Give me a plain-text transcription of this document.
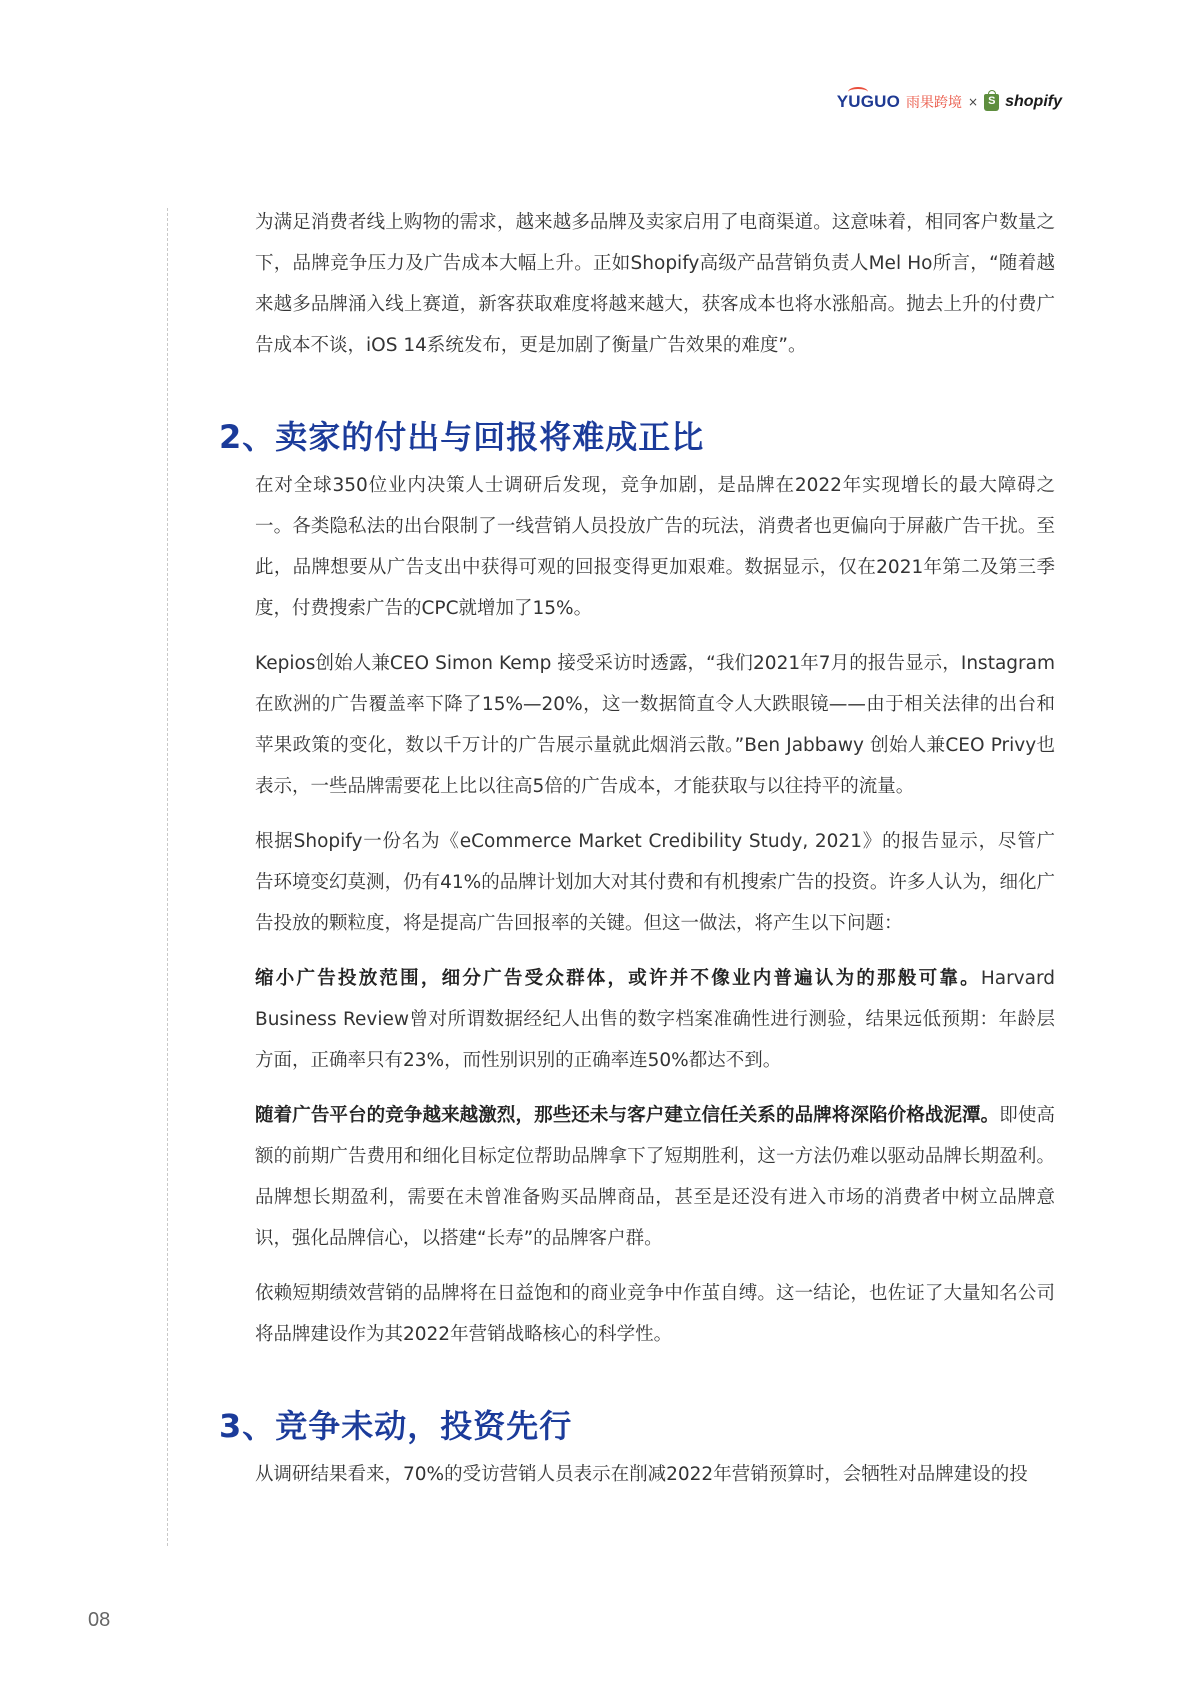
YUGUO 雨果跨境 ×
S shopify

为满足消费者线上购物的需求，越来越多品牌及卖家启用了电商渠道。这意味着，相同客户数量之下，品牌竞争压力及广告成本大幅上升。正如Shopify高级产品营销负责人Mel Ho所言，“随着越来越多品牌涌入线上赛道，新客获取难度将越来越大，获客成本也将水涨船高。抛去上升的付费广告成本不谈，iOS 14系统发布，更是加剧了衡量广告效果的难度”。

2、卖家的付出与回报将难成正比

在对全球350位业内决策人士调研后发现，竞争加剧，是品牌在2022年实现增长的最大障碍之一。各类隐私法的出台限制了一线营销人员投放广告的玩法，消费者也更偏向于屏蔽广告干扰。至此，品牌想要从广告支出中获得可观的回报变得更加艰难。数据显示，仅在2021年第二及第三季度，付费搜索广告的CPC就增加了15%。

Kepios创始人兼CEO Simon Kemp 接受采访时透露，“我们2021年7月的报告显示，Instagram在欧洲的广告覆盖率下降了15%—20%，这一数据简直令人大跌眼镜——由于相关法律的出台和苹果政策的变化，数以千万计的广告展示量就此烟消云散。”Ben Jabbawy 创始人兼CEO Privy也表示，一些品牌需要花上比以往高5倍的广告成本，才能获取与以往持平的流量。

根据Shopify一份名为《eCommerce Market Credibility Study, 2021》的报告显示，尽管广告环境变幻莫测，仍有41%的品牌计划加大对其付费和有机搜索广告的投资。许多人认为，细化广告投放的颗粒度，将是提高广告回报率的关键。但这一做法，将产生以下问题：

缩小广告投放范围，细分广告受众群体，或许并不像业内普遍认为的那般可靠。Harvard Business Review曾对所谓数据经纪人出售的数字档案准确性进行测验，结果远低预期：年龄层方面，正确率只有23%，而性别识别的正确率连50%都达不到。

随着广告平台的竞争越来越激烈，那些还未与客户建立信任关系的品牌将深陷价格战泥潭。即使高额的前期广告费用和细化目标定位帮助品牌拿下了短期胜利，这一方法仍难以驱动品牌长期盈利。品牌想长期盈利，需要在未曾准备购买品牌商品，甚至是还没有进入市场的消费者中树立品牌意识，强化品牌信心，以搭建“长寿”的品牌客户群。

依赖短期绩效营销的品牌将在日益饱和的商业竞争中作茧自缚。这一结论，也佐证了大量知名公司将品牌建设作为其2022年营销战略核心的科学性。

3、竞争未动，投资先行

从调研结果看来，70%的受访营销人员表示在削减2022年营销预算时，会牺牲对品牌建设的投

08
